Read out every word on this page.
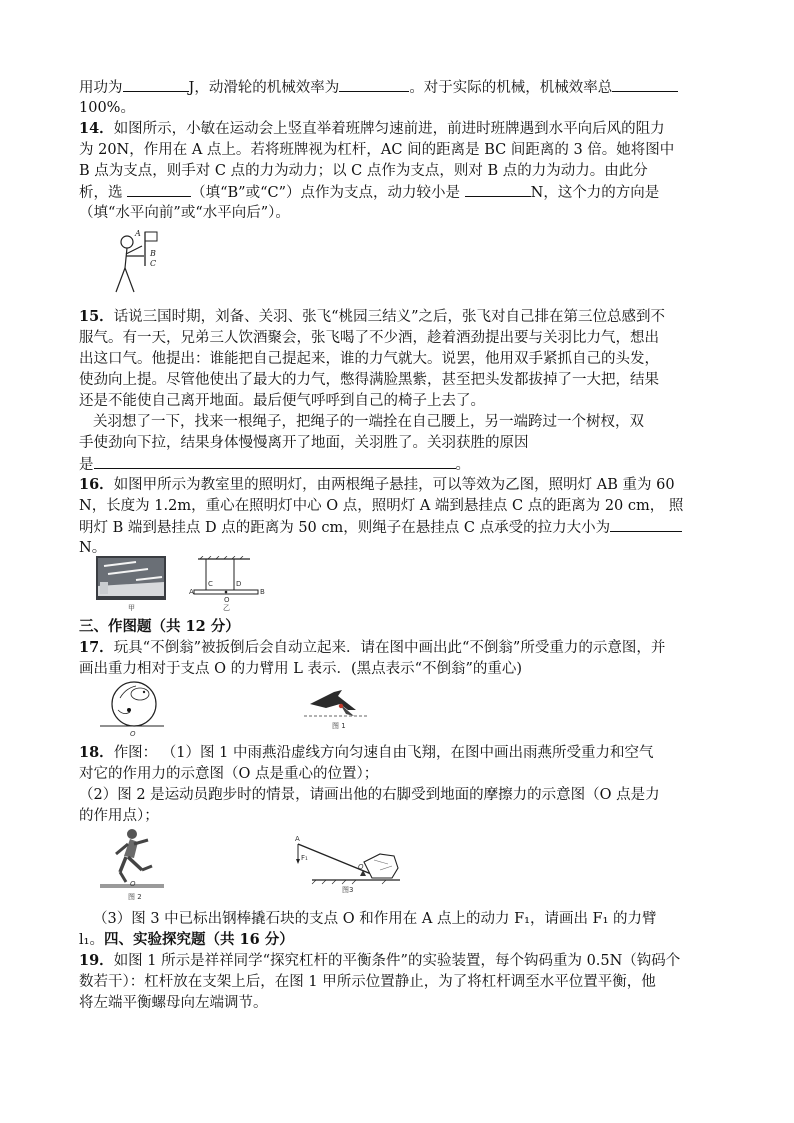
用功为	J，动滑轮的机械效率为	。对于实际的机械，机械效率总
100%。
14．如图所示，小敏在运动会上竖直举着班牌匀速前进，前进时班牌遇到水平向后风的阻力
为 20N，作用在 A 点上。若将班牌视为杠杆，AC 间的距离是 BC 间距离的 3 倍。她将图中
B 点为支点，则手对 C 点的力为动力；以 C 点作为支点，则对 B 点的力为动力。由此分
析，选	（填“B”或“C”）点作为支点，动力较小是	N，这个力的方向是
（填“水平向前”或“水平向后”）。
A
B
C
15．话说三国时期，刘备、关羽、张飞“桃园三结义”之后，张飞对自己排在第三位总感到不
服气。有一天，兄弟三人饮酒聚会，张飞喝了不少酒，趁着酒劲提出要与关羽比力气，想出
出这口气。他提出：谁能把自己提起来，谁的力气就大。说罢，他用双手紧抓自己的头发，
使劲向上提。尽管他使出了最大的力气，憋得满脸黑紫，甚至把头发都拔掉了一大把，结果
还是不能使自己离开地面。最后便气呼呼到自己的椅子上去了。
关羽想了一下，找来一根绳子，把绳子的一端拴在自己腰上，另一端跨过一个树杈，双
手使劲向下拉，结果身体慢慢离开了地面，关羽胜了。关羽获胜的原因
是	。
16．如图甲所示为教室里的照明灯，由两根绳子悬挂，可以等效为乙图，照明灯 AB 重为 60
N，长度为 1.2m，重心在照明灯中心 O 点，照明灯 A 端到悬挂点 C 点的距离为 20 cm， 照
明灯 B 端到悬挂点 D 点的距离为 50 cm，则绳子在悬挂点 C 点承受的拉力大小为
N。
甲
A	B
C	D
O
乙
三、作图题（共 12 分）
17．玩具“不倒翁”被扳倒后会自动立起来．请在图中画出此“不倒翁”所受重力的示意图，并
画出重力相对于支点 O 的力臂用 L 表示．(黑点表示“不倒翁”的重心)
O
图 1
18．作图： （1）图 1 中雨燕沿虚线方向匀速自由飞翔，在图中画出雨燕所受重力和空气
对它的作用力的示意图（O 点是重心的位置）；
（2）图 2 是运动员跑步时的情景，请画出他的右脚受到地面的摩擦力的示意图（O 点是力
的作用点）；
O
图 2
A
F₁
O
图3
（3）图 3 中已标出钢棒撬石块的支点 O 和作用在 A 点上的动力 F₁，请画出 F₁ 的力臂
l₁。四、实验探究题（共 16 分）
19．如图 1 所示是祥祥同学“探究杠杆的平衡条件”的实验装置，每个钩码重为 0.5N（钩码个
数若干）：杠杆放在支架上后，在图 1 甲所示位置静止，为了将杠杆调至水平位置平衡，他
将左端平衡螺母向左端调节。
